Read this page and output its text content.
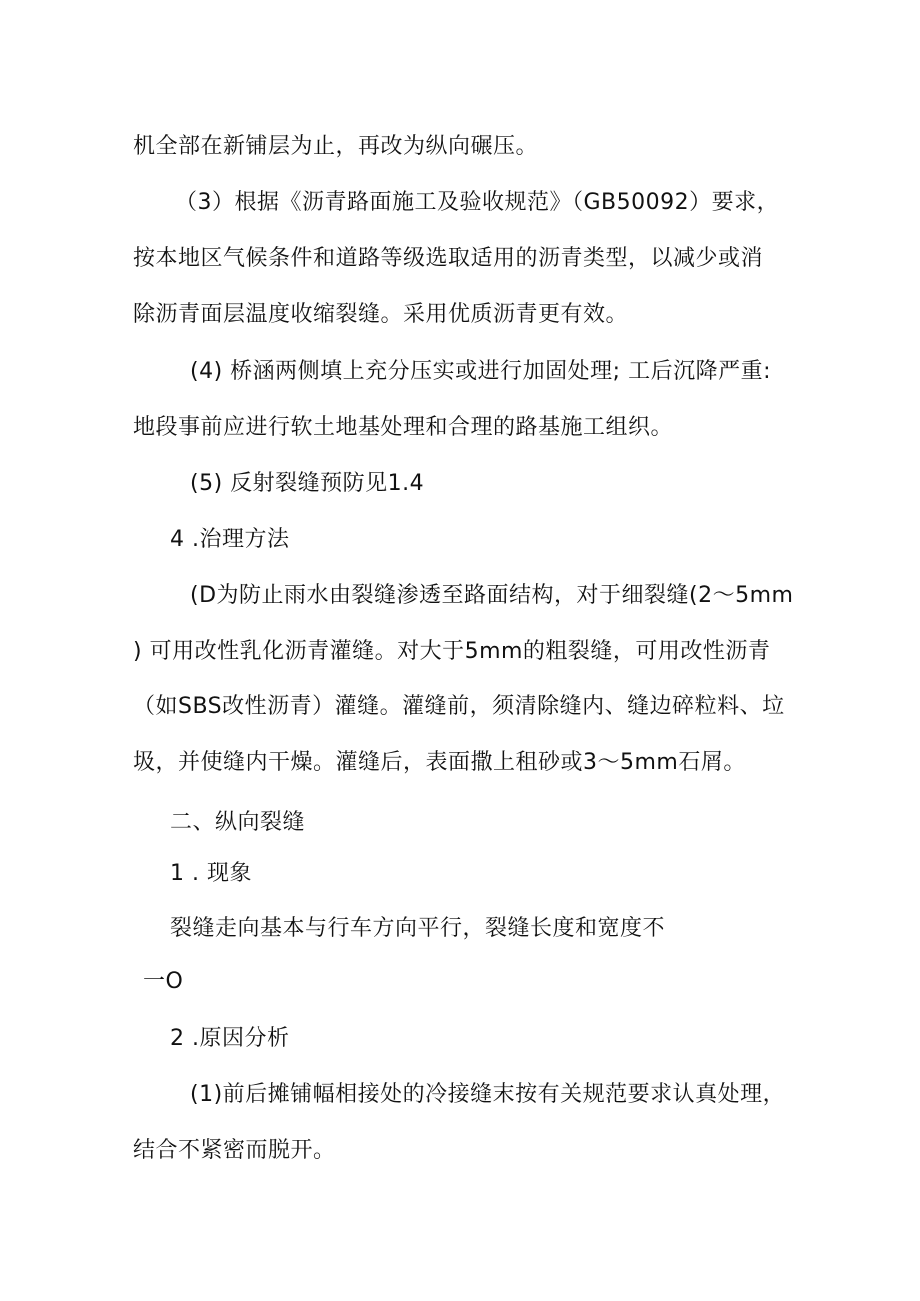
机全部在新铺层为止，再改为纵向碾压。
（3）根据《沥青路面施工及验收规范》（GB50092）要求，
按本地区气候条件和道路等级选取适用的沥青类型，以减少或消
除沥青面层温度收缩裂缝。采用优质沥青更有效。
(4) 桥涵两侧填上充分压实或进行加固处理; 工后沉降严重:
地段事前应进行软土地基处理和合理的路基施工组织。
(5) 反射裂缝预防见1.4
4 .治理方法
(D为防止雨水由裂缝渗透至路面结构，对于细裂缝(2〜5mm
) 可用改性乳化沥青灌缝。对大于5mm的粗裂缝，可用改性沥青
（如SBS改性沥青）灌缝。灌缝前，须清除缝内、缝边碎粒料、垃
圾，并使缝内干燥。灌缝后，表面撒上租砂或3〜5mm石屑。
二、纵向裂缝
1 . 现象
裂缝走向基本与行车方向平行，裂缝长度和宽度不
一O
2 .原因分析
(1)前后摊铺幅相接处的冷接缝末按有关规范要求认真处理，
结合不紧密而脱开。
